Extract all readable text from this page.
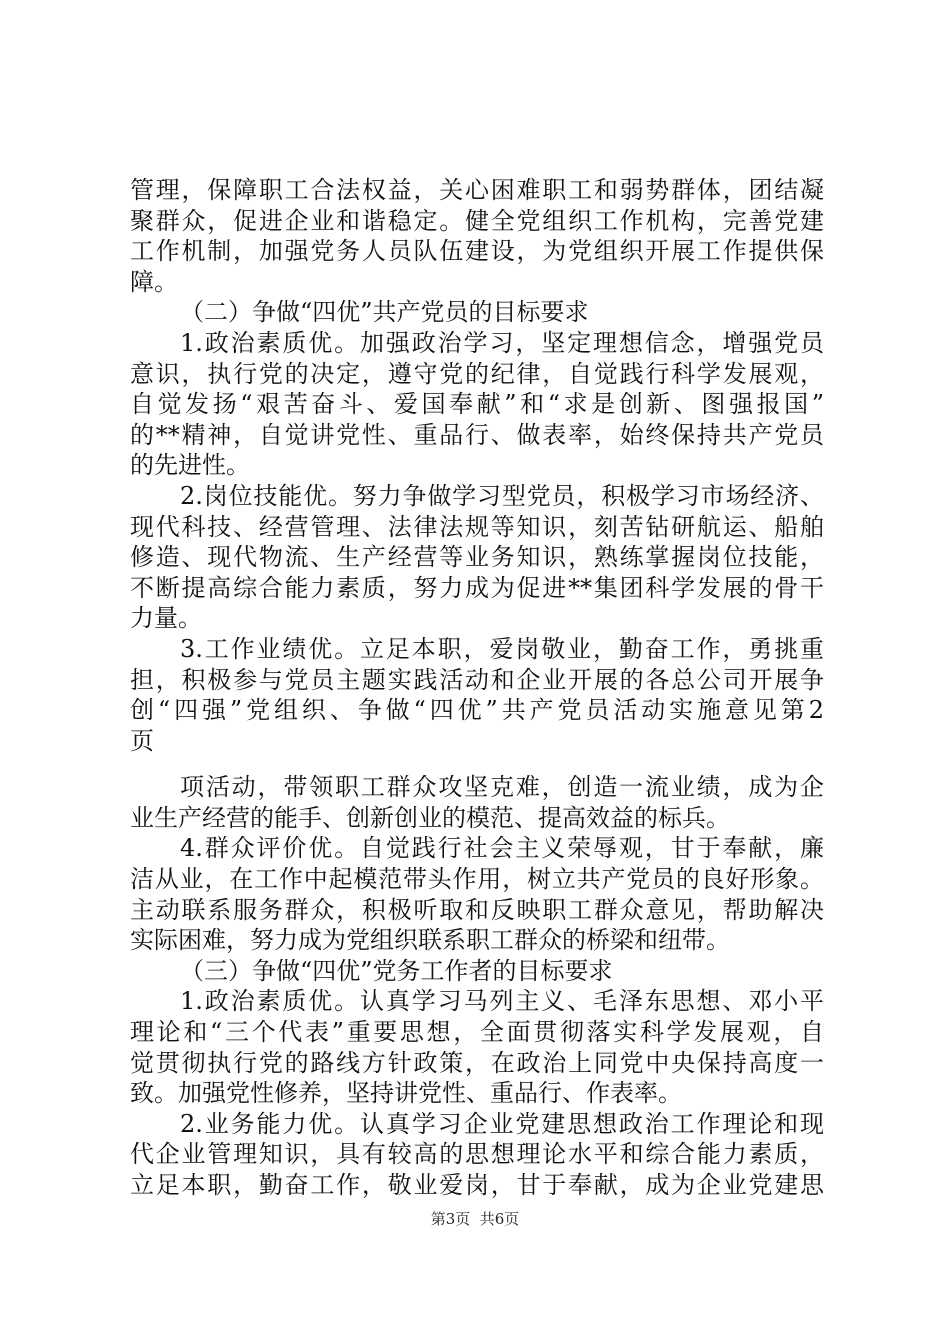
管理，保障职工合法权益，关心困难职工和弱势群体，团结凝
聚群众，促进企业和谐稳定。健全党组织工作机构，完善党建
工作机制，加强党务人员队伍建设，为党组织开展工作提供保
障。
（二）争做“四优”共产党员的目标要求
1.政治素质优。加强政治学习，坚定理想信念，增强党员
意识，执行党的决定，遵守党的纪律，自觉践行科学发展观，
自觉发扬“艰苦奋斗、爱国奉献”和“求是创新、图强报国”
的**精神，自觉讲党性、重品行、做表率，始终保持共产党员
的先进性。
2.岗位技能优。努力争做学习型党员，积极学习市场经济、
现代科技、经营管理、法律法规等知识，刻苦钻研航运、船舶
修造、现代物流、生产经营等业务知识，熟练掌握岗位技能，
不断提高综合能力素质，努力成为促进**集团科学发展的骨干
力量。
3.工作业绩优。立足本职，爱岗敬业，勤奋工作，勇挑重
担，积极参与党员主题实践活动和企业开展的各总公司开展争
创“四强”党组织、争做“四优”共产党员活动实施意见第2
页
项活动，带领职工群众攻坚克难，创造一流业绩，成为企
业生产经营的能手、创新创业的模范、提高效益的标兵。
4.群众评价优。自觉践行社会主义荣辱观，甘于奉献，廉
洁从业，在工作中起模范带头作用，树立共产党员的良好形象。
主动联系服务群众，积极听取和反映职工群众意见，帮助解决
实际困难，努力成为党组织联系职工群众的桥梁和纽带。
（三）争做“四优”党务工作者的目标要求
1.政治素质优。认真学习马列主义、毛泽东思想、邓小平
理论和“三个代表”重要思想，全面贯彻落实科学发展观，自
觉贯彻执行党的路线方针政策，在政治上同党中央保持高度一
致。加强党性修养，坚持讲党性、重品行、作表率。
2.业务能力优。认真学习企业党建思想政治工作理论和现
代企业管理知识，具有较高的思想理论水平和综合能力素质，
立足本职，勤奋工作，敬业爱岗，甘于奉献，成为企业党建思
第3页  共6页
